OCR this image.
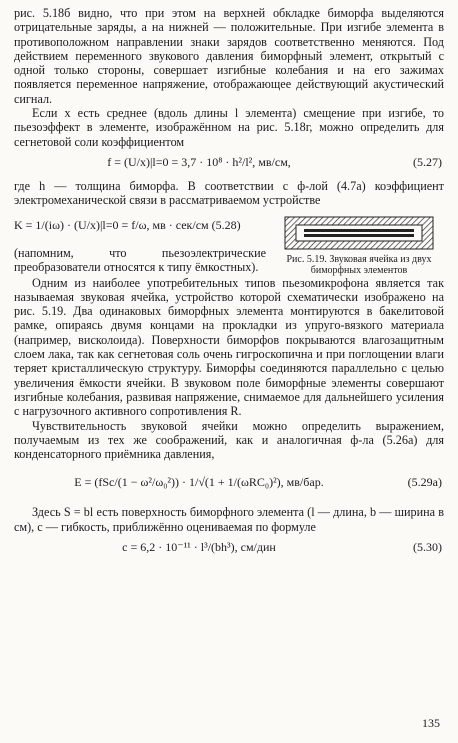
рис. 5.18б видно, что при этом на верхней обкладке биморфа выделяются отрицательные заряды, а на нижней — положительные. При изгибе элемента в противоположном направлении знаки зарядов соответственно меняются. Под действием переменного звукового давления биморфный элемент, открытый с одной только стороны, совершает изгибные колебания и на его зажимах появляется переменное напряжение, отображающее действующий акустический сигнал.

Если x есть среднее (вдоль длины l элемента) смещение при изгибе, то пьезоэффект в элементе, изображённом на рис. 5.18г, можно определить для сегнетовой соли коэффициентом

f = (U/x)|l=0 = 3,7 · 10⁸ · h²/l², мв/см,	(5.27)

где h — толщина биморфа. В соответствии с ф-лой (4.7а) коэффициент электромеханической связи в рассматриваемом устройстве

K = 1/(iω) · (U/x)|l=0 = f/ω, мв · сек/см (5.28)

(напомним, что пьезоэлектрические преобразователи относятся к типу ёмкостных).

Рис. 5.19. Звуковая ячейка из двух биморфных элементов

Одним из наиболее употребительных типов пьезомикрофона является так называемая звуковая ячейка, устройство которой схематически изображено на рис. 5.19. Два одинаковых биморфных элемента монтируются в бакелитовой рамке, опираясь двумя концами на прокладки из упруго-вязкого материала (например, висколоида). Поверхности биморфов покрываются влагозащитным слоем лака, так как сегнетовая соль очень гигроскопична и при поглощении влаги теряет кристаллическую структуру. Биморфы соединяются параллельно с целью увеличения ёмкости ячейки. В звуковом поле биморфные элементы совершают изгибные колебания, развивая напряжение, снимаемое для дальнейшего усиления с нагрузочного активного сопротивления R.

Чувствительность звуковой ячейки можно определить выражением, получаемым из тех же соображений, как и аналогичная ф-ла (5.26а) для конденсаторного приёмника давления,

E = (fSc/(1 − ω²/ω₀²)) · 1/√(1 + 1/(ωRC₀)²), мв/бар.	(5.29а)

Здесь S = bl есть поверхность биморфного элемента (l — длина, b — ширина в см), c — гибкость, приближённо оцениваемая по формуле

c = 6,2 · 10⁻¹¹ · l³/(bh³), см/дин	(5.30)
135
